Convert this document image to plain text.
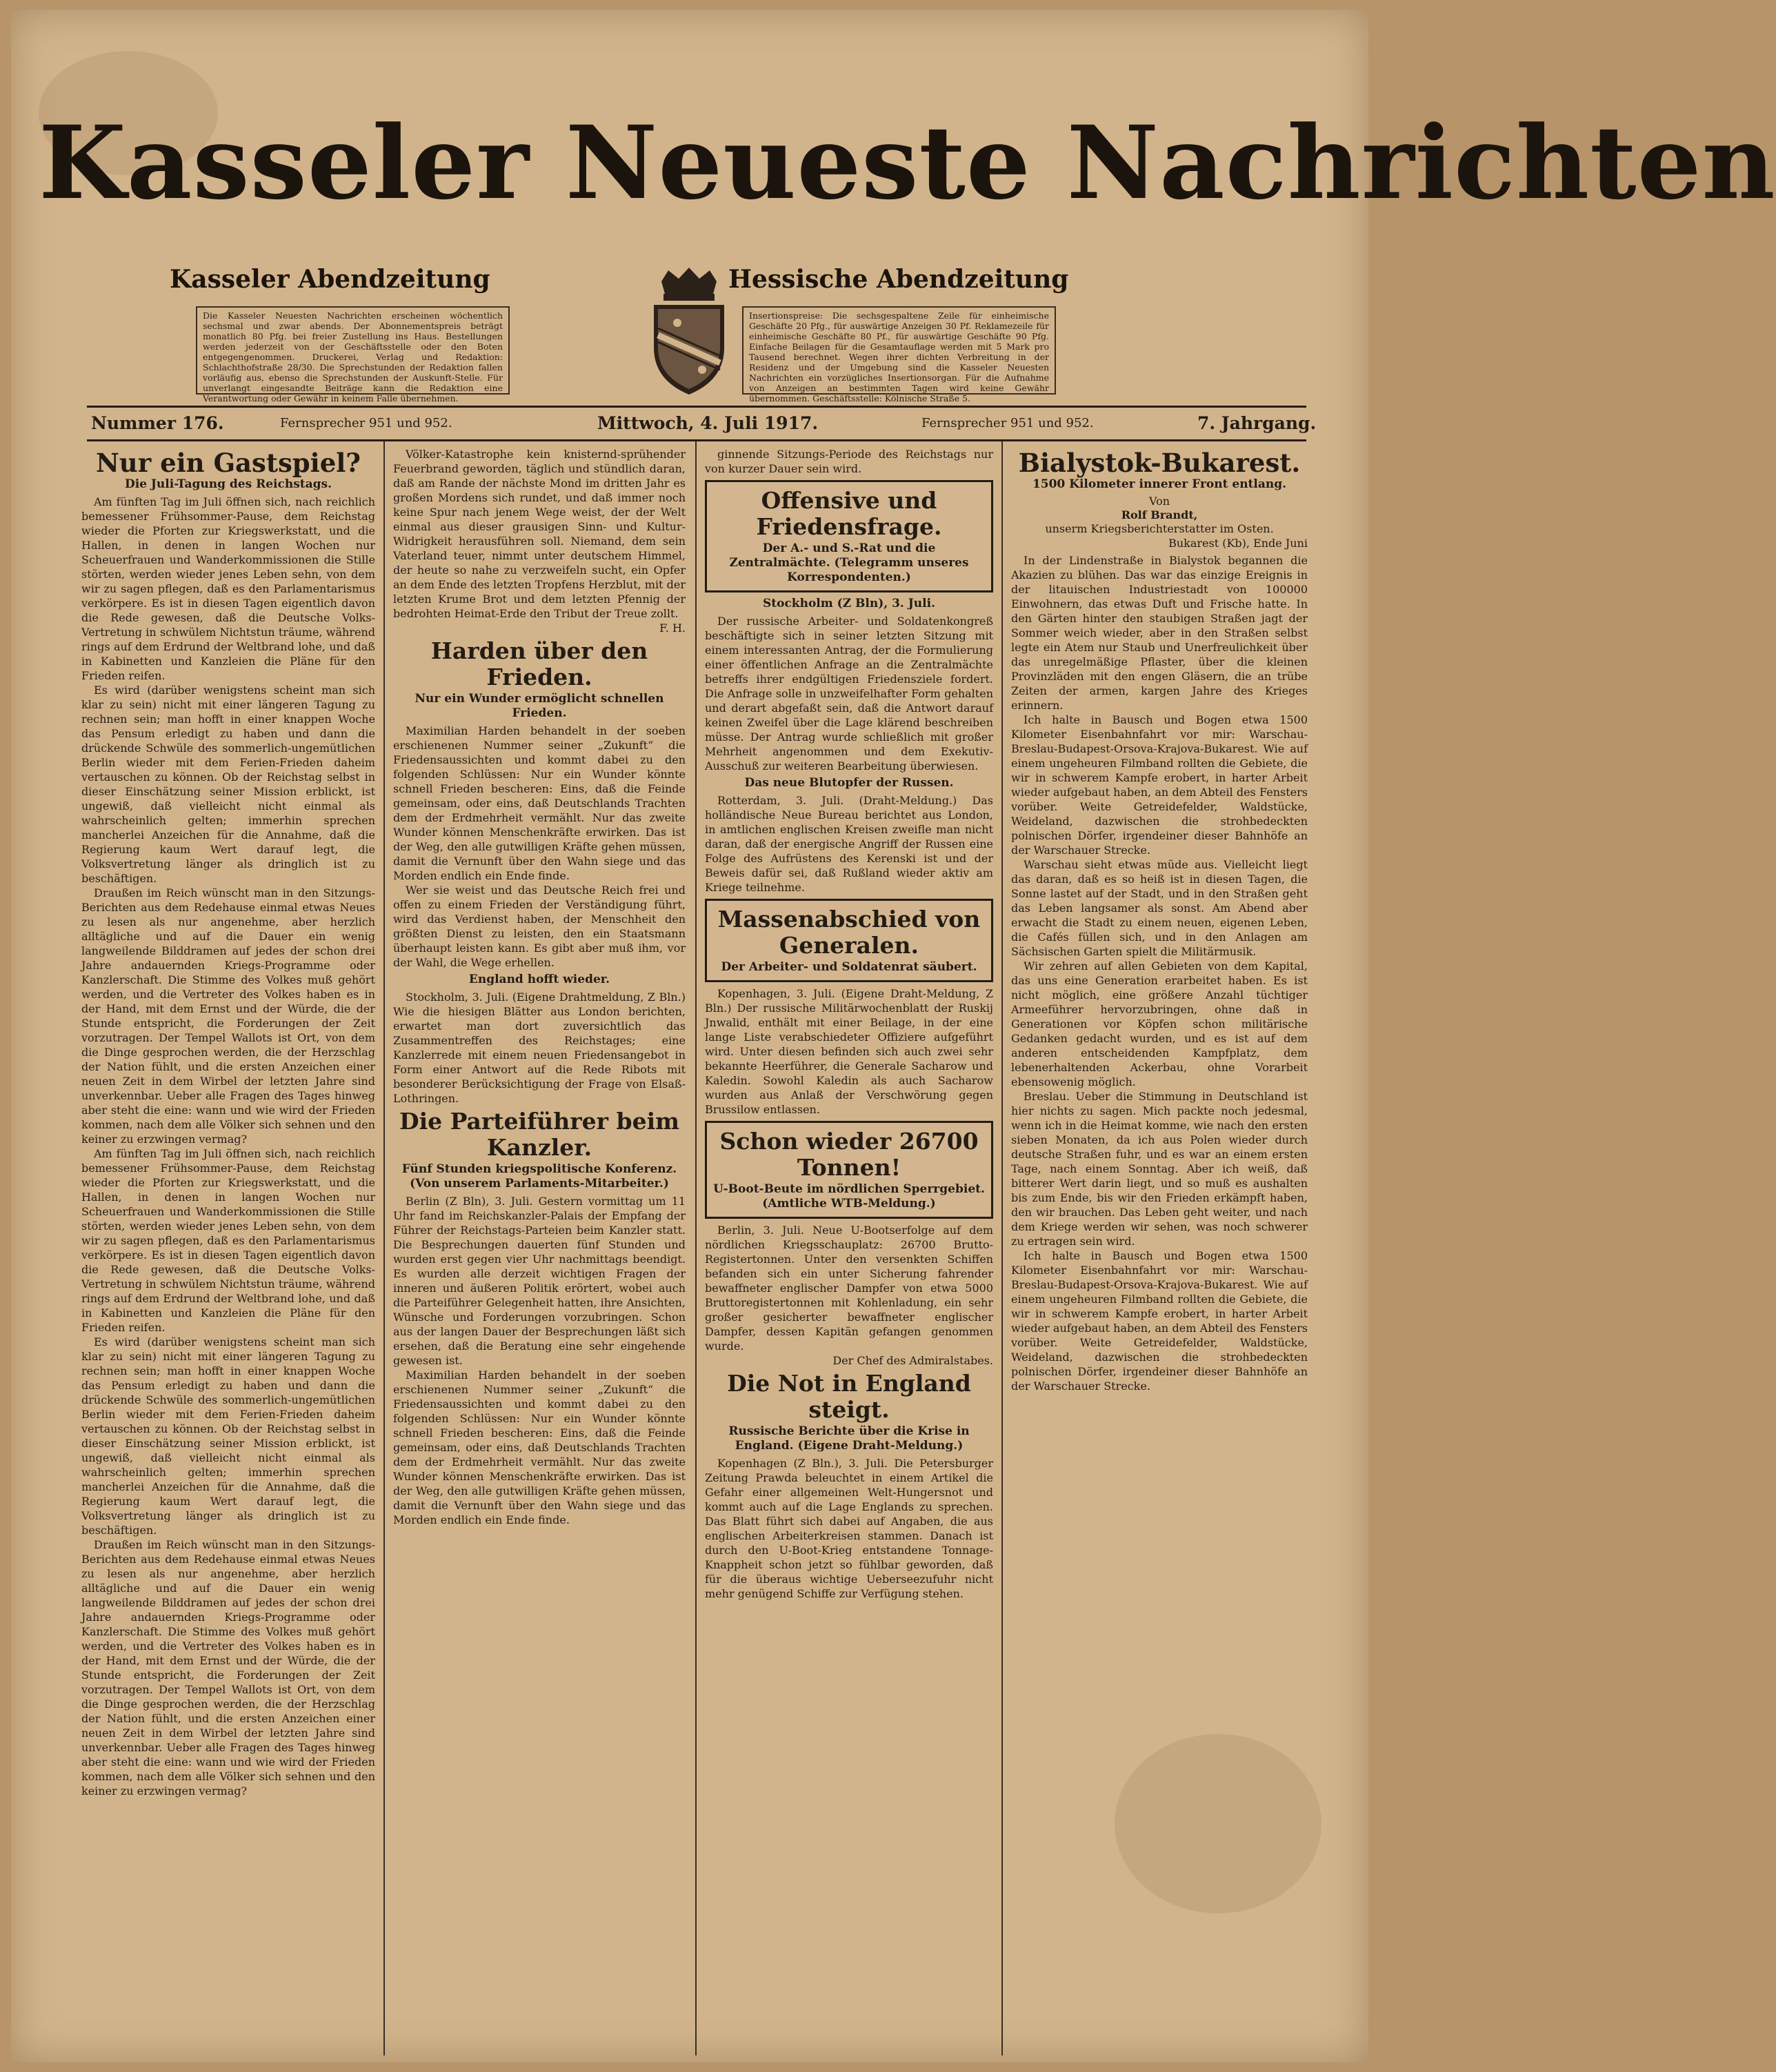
Kasseler Neueste Nachrichten
Kasseler Abendzeitung	Hessische Abendzeitung
Die Kasseler Neuesten Nachrichten erscheinen wöchentlich sechsmal und zwar abends. Der Abonnementspreis beträgt monatlich 80 Pfg. bei freier Zustellung ins Haus. Bestellungen werden jederzeit von der Geschäftsstelle oder den Boten entgegengenommen. Druckerei, Verlag und Redaktion: Schlachthofstraße 28/30. Die Sprechstunden der Redaktion fallen vorläufig aus, ebenso die Sprechstunden der Auskunft-Stelle. Für unverlangt eingesandte Beiträge kann die Redaktion eine Verantwortung oder Gewähr in keinem Falle übernehmen.
Insertionspreise: Die sechsgespaltene Zeile für einheimische Geschäfte 20 Pfg., für auswärtige Anzeigen 30 Pf. Reklamezeile für einheimische Geschäfte 80 Pf., für auswärtige Geschäfte 90 Pfg. Einfache Beilagen für die Gesamtauflage werden mit 5 Mark pro Tausend berechnet. Wegen ihrer dichten Verbreitung in der Residenz und der Umgebung sind die Kasseler Neuesten Nachrichten ein vorzügliches Insertionsorgan. Für die Aufnahme von Anzeigen an bestimmten Tagen wird keine Gewähr übernommen. Geschäftsstelle: Kölnische Straße 5.
Nummer 176.	Fernsprecher 951 und 952.	Mittwoch, 4. Juli 1917.	Fernsprecher 951 und 952.	7. Jahrgang.
Nur ein Gastspiel?
Die Juli-Tagung des Reichstags.

Am fünften Tag im Juli öffnen sich, nach reichlich bemessener Frühsommer-Pause, dem Reichstag wieder die Pforten zur Kriegswerkstatt, und die Hallen, in denen in langen Wochen nur Scheuerfrauen und Wanderkommissionen die Stille störten, werden wieder jenes Leben sehn, von dem wir zu sagen pflegen, daß es den Parlamentarismus verkörpere. Es ist in diesen Tagen eigentlich davon die Rede gewesen, daß die Deutsche Volks-Vertretung in schwülem Nichtstun träume, während rings auf dem Erdrund der Weltbrand lohe, und daß in Kabinetten und Kanzleien die Pläne für den Frieden reifen.

Es wird (darüber wenigstens scheint man sich klar zu sein) nicht mit einer längeren Tagung zu rechnen sein; man hofft in einer knappen Woche das Pensum erledigt zu haben und dann die drückende Schwüle des sommerlich-ungemütlichen Berlin wieder mit dem Ferien-Frieden daheim vertauschen zu können. Ob der Reichstag selbst in dieser Einschätzung seiner Mission erblickt, ist ungewiß, daß vielleicht nicht einmal als wahrscheinlich gelten; immerhin sprechen mancherlei Anzeichen für die Annahme, daß die Regierung kaum Wert darauf legt, die Volksvertretung länger als dringlich ist zu beschäftigen.

Draußen im Reich wünscht man in den Sitzungs-Berichten aus dem Redehause einmal etwas Neues zu lesen als nur angenehme, aber herzlich alltägliche und auf die Dauer ein wenig langweilende Bilddramen auf jedes der schon drei Jahre andauernden Kriegs-Programme oder Kanzlerschaft. Die Stimme des Volkes muß gehört werden, und die Vertreter des Volkes haben es in der Hand, mit dem Ernst und der Würde, die der Stunde entspricht, die Forderungen der Zeit vorzutragen. Der Tempel Wallots ist Ort, von dem die Dinge gesprochen werden, die der Herzschlag der Nation fühlt, und die ersten Anzeichen einer neuen Zeit in dem Wirbel der letzten Jahre sind unverkennbar. Ueber alle Fragen des Tages hinweg aber steht die eine: wann und wie wird der Frieden kommen, nach dem alle Völker sich sehnen und den keiner zu erzwingen vermag?

Am fünften Tag im Juli öffnen sich, nach reichlich bemessener Frühsommer-Pause, dem Reichstag wieder die Pforten zur Kriegswerkstatt, und die Hallen, in denen in langen Wochen nur Scheuerfrauen und Wanderkommissionen die Stille störten, werden wieder jenes Leben sehn, von dem wir zu sagen pflegen, daß es den Parlamentarismus verkörpere. Es ist in diesen Tagen eigentlich davon die Rede gewesen, daß die Deutsche Volks-Vertretung in schwülem Nichtstun träume, während rings auf dem Erdrund der Weltbrand lohe, und daß in Kabinetten und Kanzleien die Pläne für den Frieden reifen.

Es wird (darüber wenigstens scheint man sich klar zu sein) nicht mit einer längeren Tagung zu rechnen sein; man hofft in einer knappen Woche das Pensum erledigt zu haben und dann die drückende Schwüle des sommerlich-ungemütlichen Berlin wieder mit dem Ferien-Frieden daheim vertauschen zu können. Ob der Reichstag selbst in dieser Einschätzung seiner Mission erblickt, ist ungewiß, daß vielleicht nicht einmal als wahrscheinlich gelten; immerhin sprechen mancherlei Anzeichen für die Annahme, daß die Regierung kaum Wert darauf legt, die Volksvertretung länger als dringlich ist zu beschäftigen.

Draußen im Reich wünscht man in den Sitzungs-Berichten aus dem Redehause einmal etwas Neues zu lesen als nur angenehme, aber herzlich alltägliche und auf die Dauer ein wenig langweilende Bilddramen auf jedes der schon drei Jahre andauernden Kriegs-Programme oder Kanzlerschaft. Die Stimme des Volkes muß gehört werden, und die Vertreter des Volkes haben es in der Hand, mit dem Ernst und der Würde, die der Stunde entspricht, die Forderungen der Zeit vorzutragen. Der Tempel Wallots ist Ort, von dem die Dinge gesprochen werden, die der Herzschlag der Nation fühlt, und die ersten Anzeichen einer neuen Zeit in dem Wirbel der letzten Jahre sind unverkennbar. Ueber alle Fragen des Tages hinweg aber steht die eine: wann und wie wird der Frieden kommen, nach dem alle Völker sich sehnen und den keiner zu erzwingen vermag?

Völker-Katastrophe kein knisternd-sprühender Feuerbrand geworden, täglich und stündlich daran, daß am Rande der nächste Mond im dritten Jahr es großen Mordens sich rundet, und daß immer noch keine Spur nach jenem Wege weist, der der Welt einmal aus dieser grausigen Sinn- und Kultur-Widrigkeit herausführen soll. Niemand, dem sein Vaterland teuer, nimmt unter deutschem Himmel, der heute so nahe zu verzweifeln sucht, ein Opfer an dem Ende des letzten Tropfens Herzblut, mit der letzten Krume Brot und dem letzten Pfennig der bedrohten Heimat-Erde den Tribut der Treue zollt.

F. H.
Harden über den Frieden.
Nur ein Wunder ermöglicht schnellen Frieden.

Maximilian Harden behandelt in der soeben erschienenen Nummer seiner „Zukunft“ die Friedensaussichten und kommt dabei zu den folgenden Schlüssen: Nur ein Wunder könnte schnell Frieden bescheren: Eins, daß die Feinde gemeinsam, oder eins, daß Deutschlands Trachten dem der Erdmehrheit vermählt. Nur das zweite Wunder können Menschenkräfte erwirken. Das ist der Weg, den alle gutwilligen Kräfte gehen müssen, damit die Vernunft über den Wahn siege und das Morden endlich ein Ende finde.

Wer sie weist und das Deutsche Reich frei und offen zu einem Frieden der Verständigung führt, wird das Verdienst haben, der Menschheit den größten Dienst zu leisten, den ein Staatsmann überhaupt leisten kann. Es gibt aber muß ihm, vor der Wahl, die Wege erhellen.

England hofft wieder.

Stockholm, 3. Juli. (Eigene Drahtmeldung, Z Bln.) Wie die hiesigen Blätter aus London berichten, erwartet man dort zuversichtlich das Zusammentreffen des Reichstages; eine Kanzlerrede mit einem neuen Friedensangebot in Form einer Antwort auf die Rede Ribots mit besonderer Berücksichtigung der Frage von Elsaß-Lothringen.

Die Parteiführer beim Kanzler.
Fünf Stunden kriegspolitische Konferenz. (Von unserem Parlaments-Mitarbeiter.)

Berlin (Z Bln), 3. Juli. Gestern vormittag um 11 Uhr fand im Reichskanzler-Palais der Empfang der Führer der Reichstags-Parteien beim Kanzler statt. Die Besprechungen dauerten fünf Stunden und wurden erst gegen vier Uhr nachmittags beendigt. Es wurden alle derzeit wichtigen Fragen der inneren und äußeren Politik erörtert, wobei auch die Parteiführer Gelegenheit hatten, ihre Ansichten, Wünsche und Forderungen vorzubringen. Schon aus der langen Dauer der Besprechungen läßt sich ersehen, daß die Beratung eine sehr eingehende gewesen ist.

Maximilian Harden behandelt in der soeben erschienenen Nummer seiner „Zukunft“ die Friedensaussichten und kommt dabei zu den folgenden Schlüssen: Nur ein Wunder könnte schnell Frieden bescheren: Eins, daß die Feinde gemeinsam, oder eins, daß Deutschlands Trachten dem der Erdmehrheit vermählt. Nur das zweite Wunder können Menschenkräfte erwirken. Das ist der Weg, den alle gutwilligen Kräfte gehen müssen, damit die Vernunft über den Wahn siege und das Morden endlich ein Ende finde.

ginnende Sitzungs-Periode des Reichstags nur von kurzer Dauer sein wird.

Offensive und Friedensfrage.
Der A.- und S.-Rat und die Zentralmächte. (Telegramm unseres Korrespondenten.)
Stockholm (Z Bln), 3. Juli.

Der russische Arbeiter- und Soldatenkongreß beschäftigte sich in seiner letzten Sitzung mit einem interessanten Antrag, der die Formulierung einer öffentlichen Anfrage an die Zentralmächte betreffs ihrer endgültigen Friedensziele fordert. Die Anfrage solle in unzweifelhafter Form gehalten und derart abgefaßt sein, daß die Antwort darauf keinen Zweifel über die Lage klärend beschreiben müsse. Der Antrag wurde schließlich mit großer Mehrheit angenommen und dem Exekutiv-Ausschuß zur weiteren Bearbeitung überwiesen.

Das neue Blutopfer der Russen.

Rotterdam, 3. Juli. (Draht-Meldung.) Das holländische Neue Bureau berichtet aus London, in amtlichen englischen Kreisen zweifle man nicht daran, daß der energische Angriff der Russen eine Folge des Aufrüstens des Kerenski ist und der Beweis dafür sei, daß Rußland wieder aktiv am Kriege teilnehme.

Massenabschied von Generalen.
Der Arbeiter- und Soldatenrat säubert.

Kopenhagen, 3. Juli. (Eigene Draht-Meldung, Z Bln.) Der russische Militärwochenblatt der Ruskij Jnwalid, enthält mit einer Beilage, in der eine lange Liste verabschiedeter Offiziere aufgeführt wird. Unter diesen befinden sich auch zwei sehr bekannte Heerführer, die Generale Sacharow und Kaledin. Sowohl Kaledin als auch Sacharow wurden aus Anlaß der Verschwörung gegen Brussilow entlassen.

Schon wieder 26700 Tonnen!
U-Boot-Beute im nördlichen Sperrgebiet. (Amtliche WTB-Meldung.)

Berlin, 3. Juli. Neue U-Bootserfolge auf dem nördlichen Kriegsschauplatz: 26700 Brutto-Registertonnen. Unter den versenkten Schiffen befanden sich ein unter Sicherung fahrender bewaffneter englischer Dampfer von etwa 5000 Bruttoregistertonnen mit Kohlenladung, ein sehr großer gesicherter bewaffneter englischer Dampfer, dessen Kapitän gefangen genommen wurde.

Der Chef des Admiralstabes.
Die Not in England steigt.
Russische Berichte über die Krise in England. (Eigene Draht-Meldung.)

Kopenhagen (Z Bln.), 3. Juli. Die Petersburger Zeitung Prawda beleuchtet in einem Artikel die Gefahr einer allgemeinen Welt-Hungersnot und kommt auch auf die Lage Englands zu sprechen. Das Blatt führt sich dabei auf Angaben, die aus englischen Arbeiterkreisen stammen. Danach ist durch den U-Boot-Krieg entstandene Tonnage-Knappheit schon jetzt so fühlbar geworden, daß für die überaus wichtige Ueberseezufuhr nicht mehr genügend Schiffe zur Verfügung stehen.

Bialystok-Bukarest.
1500 Kilometer innerer Front entlang.
Von
Rolf Brandt,
unserm Kriegsberichterstatter im Osten.
Bukarest (Kb), Ende Juni

In der Lindenstraße in Bialystok begannen die Akazien zu blühen. Das war das einzige Ereignis in der litauischen Industriestadt von 100000 Einwohnern, das etwas Duft und Frische hatte. In den Gärten hinter den staubigen Straßen jagt der Sommer weich wieder, aber in den Straßen selbst legte ein Atem nur Staub und Unerfreulichkeit über das unregelmäßige Pflaster, über die kleinen Provinzläden mit den engen Gläsern, die an trübe Zeiten der armen, kargen Jahre des Krieges erinnern.

Ich halte in Bausch und Bogen etwa 1500 Kilometer Eisenbahnfahrt vor mir: Warschau-Breslau-Budapest-Orsova-Krajova-Bukarest. Wie auf einem ungeheuren Filmband rollten die Gebiete, die wir in schwerem Kampfe erobert, in harter Arbeit wieder aufgebaut haben, an dem Abteil des Fensters vorüber. Weite Getreidefelder, Waldstücke, Weideland, dazwischen die strohbedeckten polnischen Dörfer, irgendeiner dieser Bahnhöfe an der Warschauer Strecke.

Warschau sieht etwas müde aus. Vielleicht liegt das daran, daß es so heiß ist in diesen Tagen, die Sonne lastet auf der Stadt, und in den Straßen geht das Leben langsamer als sonst. Am Abend aber erwacht die Stadt zu einem neuen, eigenen Leben, die Cafés füllen sich, und in den Anlagen am Sächsischen Garten spielt die Militärmusik.

Wir zehren auf allen Gebieten von dem Kapital, das uns eine Generation erarbeitet haben. Es ist nicht möglich, eine größere Anzahl tüchtiger Armeeführer hervorzubringen, ohne daß in Generationen vor Köpfen schon militärische Gedanken gedacht wurden, und es ist auf dem anderen entscheidenden Kampfplatz, dem lebenerhaltenden Ackerbau, ohne Vorarbeit ebensowenig möglich.

Breslau. Ueber die Stimmung in Deutschland ist hier nichts zu sagen. Mich packte noch jedesmal, wenn ich in die Heimat komme, wie nach den ersten sieben Monaten, da ich aus Polen wieder durch deutsche Straßen fuhr, und es war an einem ersten Tage, nach einem Sonntag. Aber ich weiß, daß bitterer Wert darin liegt, und so muß es aushalten bis zum Ende, bis wir den Frieden erkämpft haben, den wir brauchen. Das Leben geht weiter, und nach dem Kriege werden wir sehen, was noch schwerer zu ertragen sein wird.

Ich halte in Bausch und Bogen etwa 1500 Kilometer Eisenbahnfahrt vor mir: Warschau-Breslau-Budapest-Orsova-Krajova-Bukarest. Wie auf einem ungeheuren Filmband rollten die Gebiete, die wir in schwerem Kampfe erobert, in harter Arbeit wieder aufgebaut haben, an dem Abteil des Fensters vorüber. Weite Getreidefelder, Waldstücke, Weideland, dazwischen die strohbedeckten polnischen Dörfer, irgendeiner dieser Bahnhöfe an der Warschauer Strecke.
